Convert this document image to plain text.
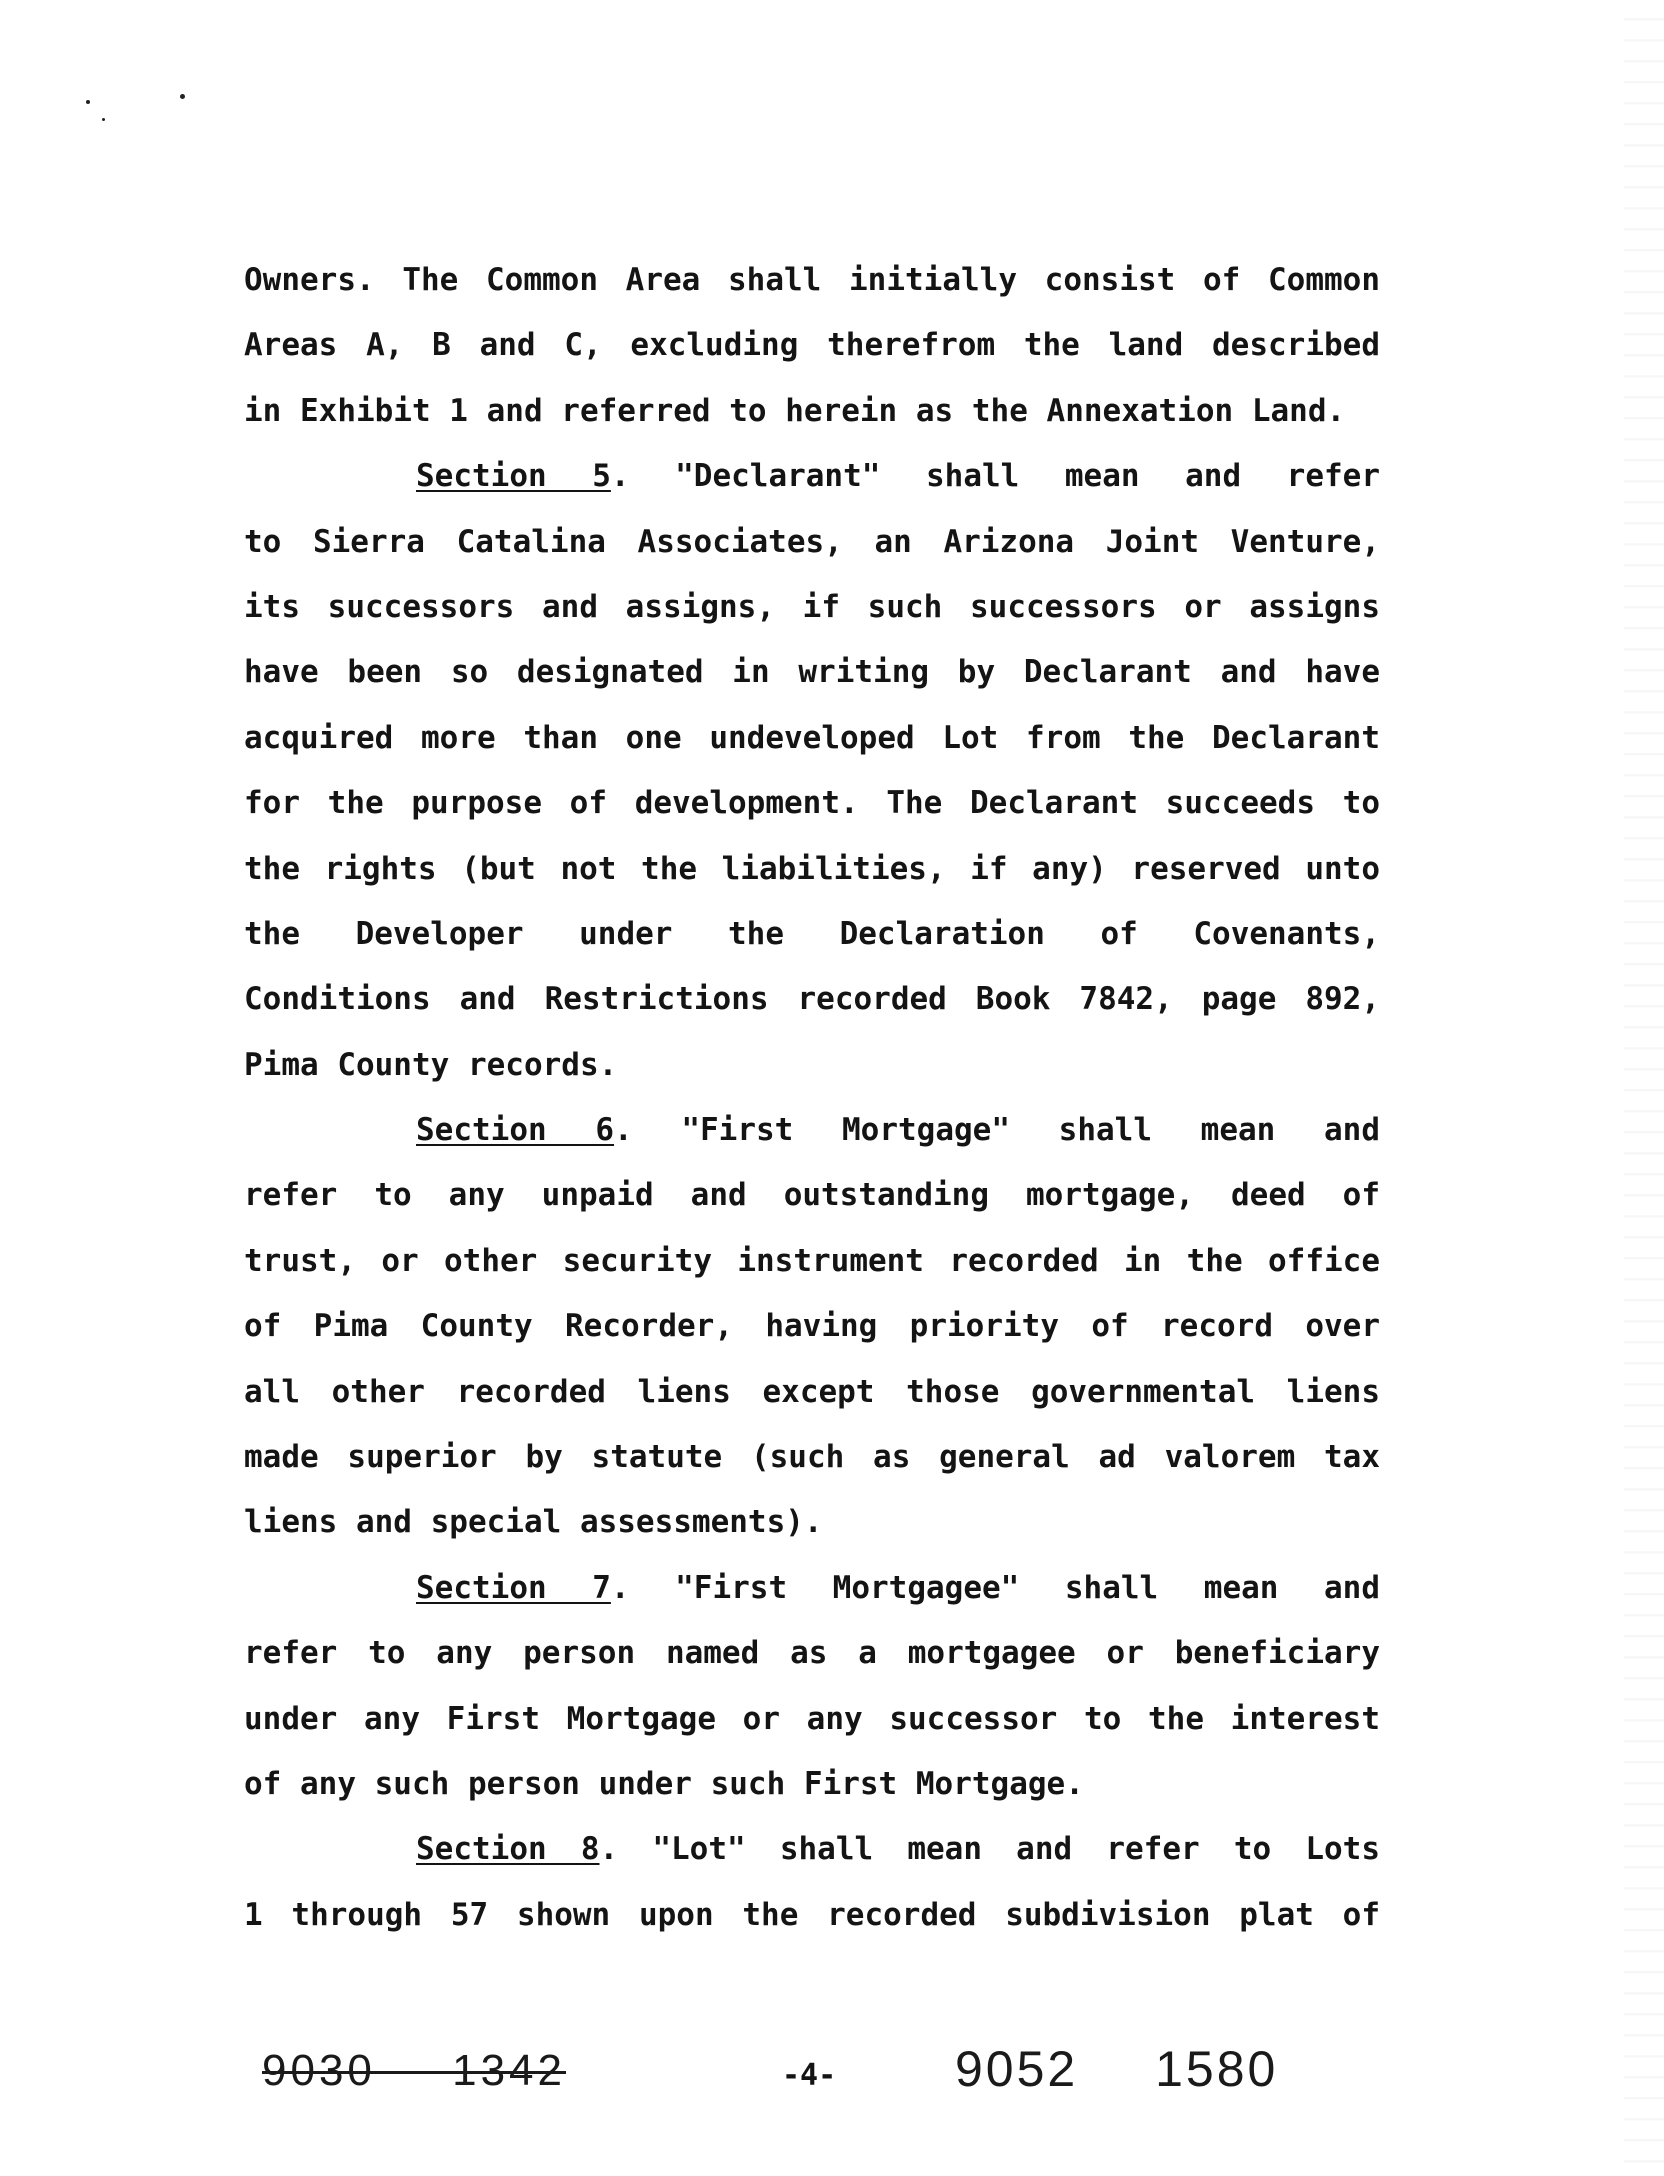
Owners. The Common Area shall initially consist of Common
Areas A, B and C, excluding therefrom the land described
in Exhibit 1 and referred to herein as the Annexation Land.
Section 5. "Declarant" shall mean and refer
to Sierra Catalina Associates, an Arizona Joint Venture,
its successors and assigns, if such successors or assigns
have been so designated in writing by Declarant and have
acquired more than one undeveloped Lot from the Declarant
for the purpose of development. The Declarant succeeds to
the rights (but not the liabilities, if any) reserved unto
the Developer under the Declaration of Covenants,
Conditions and Restrictions recorded Book 7842, page 892,
Pima County records.
Section 6. "First Mortgage" shall mean and
refer to any unpaid and outstanding mortgage, deed of
trust, or other security instrument recorded in the office
of Pima County Recorder, having priority of record over
all other recorded liens except those governmental liens
made superior by statute (such as general ad valorem tax
liens and special assessments).
Section 7. "First Mortgagee" shall mean and
refer to any person named as a mortgagee or beneficiary
under any First Mortgage or any successor to the interest
of any such person under such First Mortgage.
Section 8. "Lot" shall mean and refer to Lots
1 through 57 shown upon the recorded subdivision plat of
9030 1342	-4- 9052 1580
